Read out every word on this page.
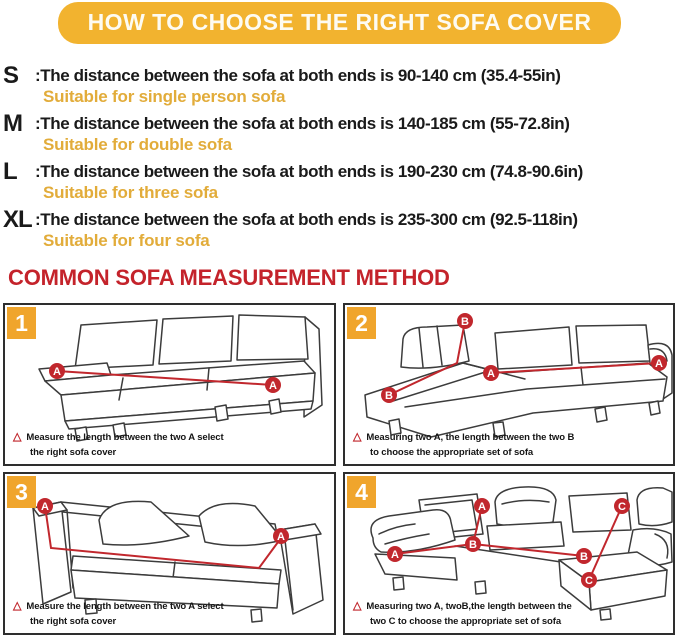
HOW TO CHOOSE THE RIGHT SOFA COVER
S :The distance between the sofa at both ends is 90-140 cm (35.4-55in)
Suitable for single person sofa
M :The distance between the sofa at both ends is 140-185 cm (55-72.8in)
Suitable for double sofa
L	:The distance between the sofa at both ends is 190-230 cm (74.8-90.6in)
Suitable for three sofa
XL :The distance between the sofa at both ends is 235-300 cm (92.5-118in)
Suitable for four sofa
COMMON SOFA MEASUREMENT METHOD
A
A
1
△ Measure the length between the two A select
the right sofa cover
B
B
A
A
2
△ Measuring two A, the length between the two B
to choose the appropriate set of sofa
A
A
3
△ Measure the length between the two A select
the right sofa cover
A
B
A	B
C
C
4
△ Measuring two A, twoB,the length between the
two C to choose the appropriate set of sofa
